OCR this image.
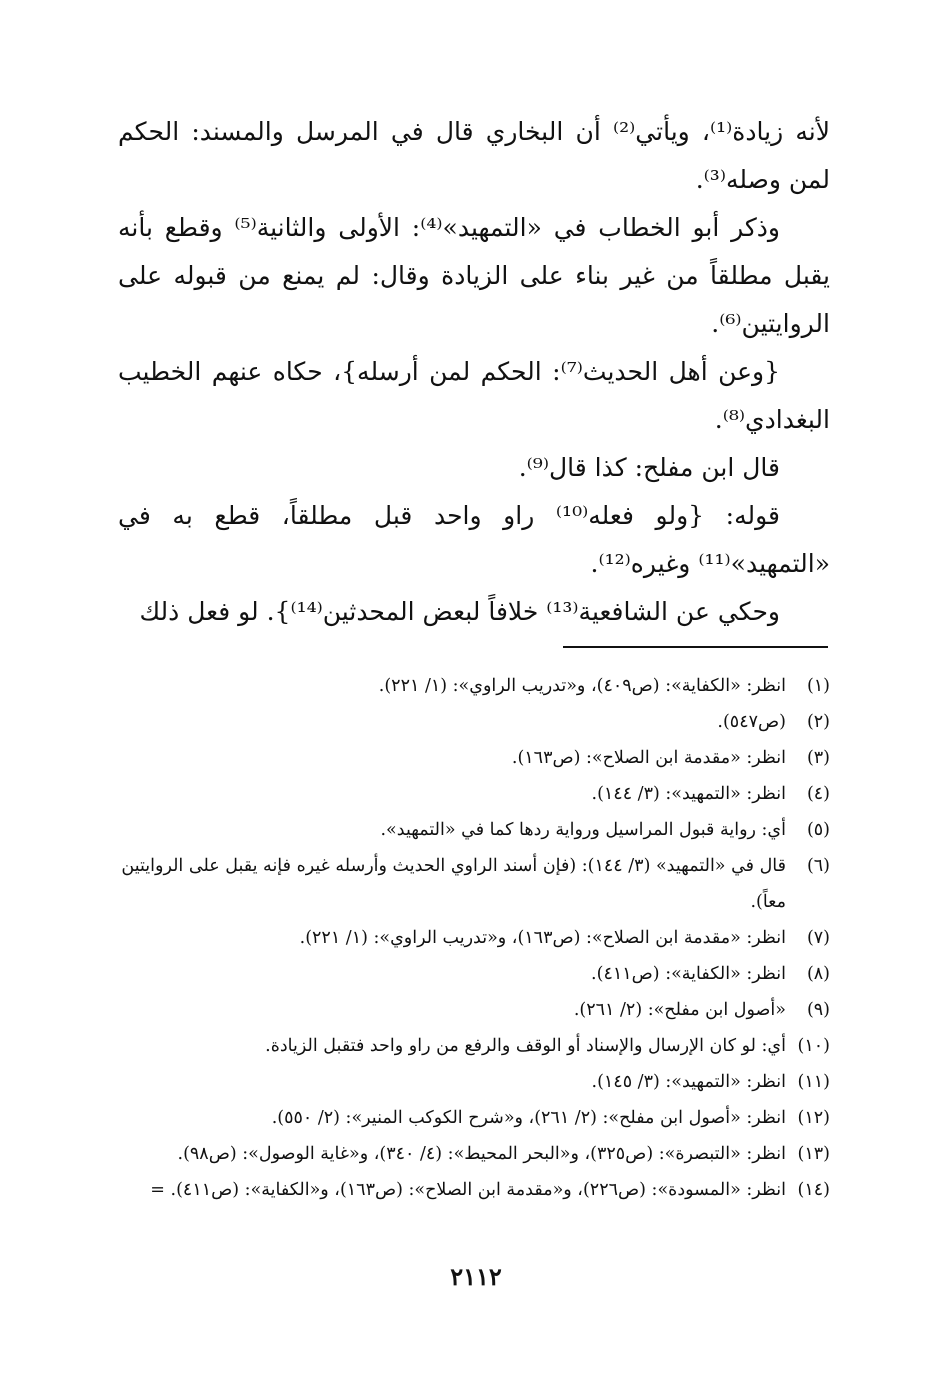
لأنه زيادة⁽¹⁾، ويأتي⁽²⁾ أن البخاري قال في المرسل والمسند: الحكم لمن وصله⁽³⁾.

وذكر أبو الخطاب في «التمهيد»⁽⁴⁾: الأولى والثانية⁽⁵⁾ وقطع بأنه يقبل مطلقاً من غير بناء على الزيادة وقال: لم يمنع من قبوله على الروايتين⁽⁶⁾.

{وعن أهل الحديث⁽⁷⁾: الحكم لمن أرسله}، حكاه عنهم الخطيب البغدادي⁽⁸⁾.

قال ابن مفلح: كذا قال⁽⁹⁾.

قوله: {ولو فعله⁽¹⁰⁾ راو واحد قبل مطلقاً، قطع به في «التمهيد»⁽¹¹⁾ وغيره⁽¹²⁾.

وحكي عن الشافعية⁽¹³⁾ خلافاً لبعض المحدثين⁽¹⁴⁾}. لو فعل ذلك

(١)
انظر: «الكفاية»: (ص٤٠٩)، و«تدريب الراوي»: (١/ ٢٢١).
(٢)
(ص٥٤٧).
(٣)
انظر: «مقدمة ابن الصلاح»: (ص١٦٣).
(٤)
انظر: «التمهيد»: (٣/ ١٤٤).
(٥)
أي: رواية قبول المراسيل ورواية ردها كما في «التمهيد».
(٦)
قال في «التمهيد» (٣/ ١٤٤): (فإن أسند الراوي الحديث وأرسله غيره فإنه يقبل على الروايتين معاً).
(٧)
انظر: «مقدمة ابن الصلاح»: (ص١٦٣)، و«تدريب الراوي»: (١/ ٢٢١).
(٨)
انظر: «الكفاية»: (ص٤١١).
(٩)
«أصول ابن مفلح»: (٢/ ٢٦١).
(١٠)
أي: لو كان الإرسال والإسناد أو الوقف والرفع من راو واحد فتقبل الزيادة.
(١١)
انظر: «التمهيد»: (٣/ ١٤٥).
(١٢)
انظر: «أصول ابن مفلح»: (٢/ ٢٦١)، و«شرح الكوكب المنير»: (٢/ ٥٥٠).
(١٣)
انظر: «التبصرة»: (ص٣٢٥)، و«البحر المحيط»: (٤/ ٣٤٠)، و«غاية الوصول»: (ص٩٨).
(١٤)
انظر: «المسودة»: (ص٢٢٦)، و«مقدمة ابن الصلاح»: (ص١٦٣)، و«الكفاية»: (ص٤١١). =
٢١١٢
